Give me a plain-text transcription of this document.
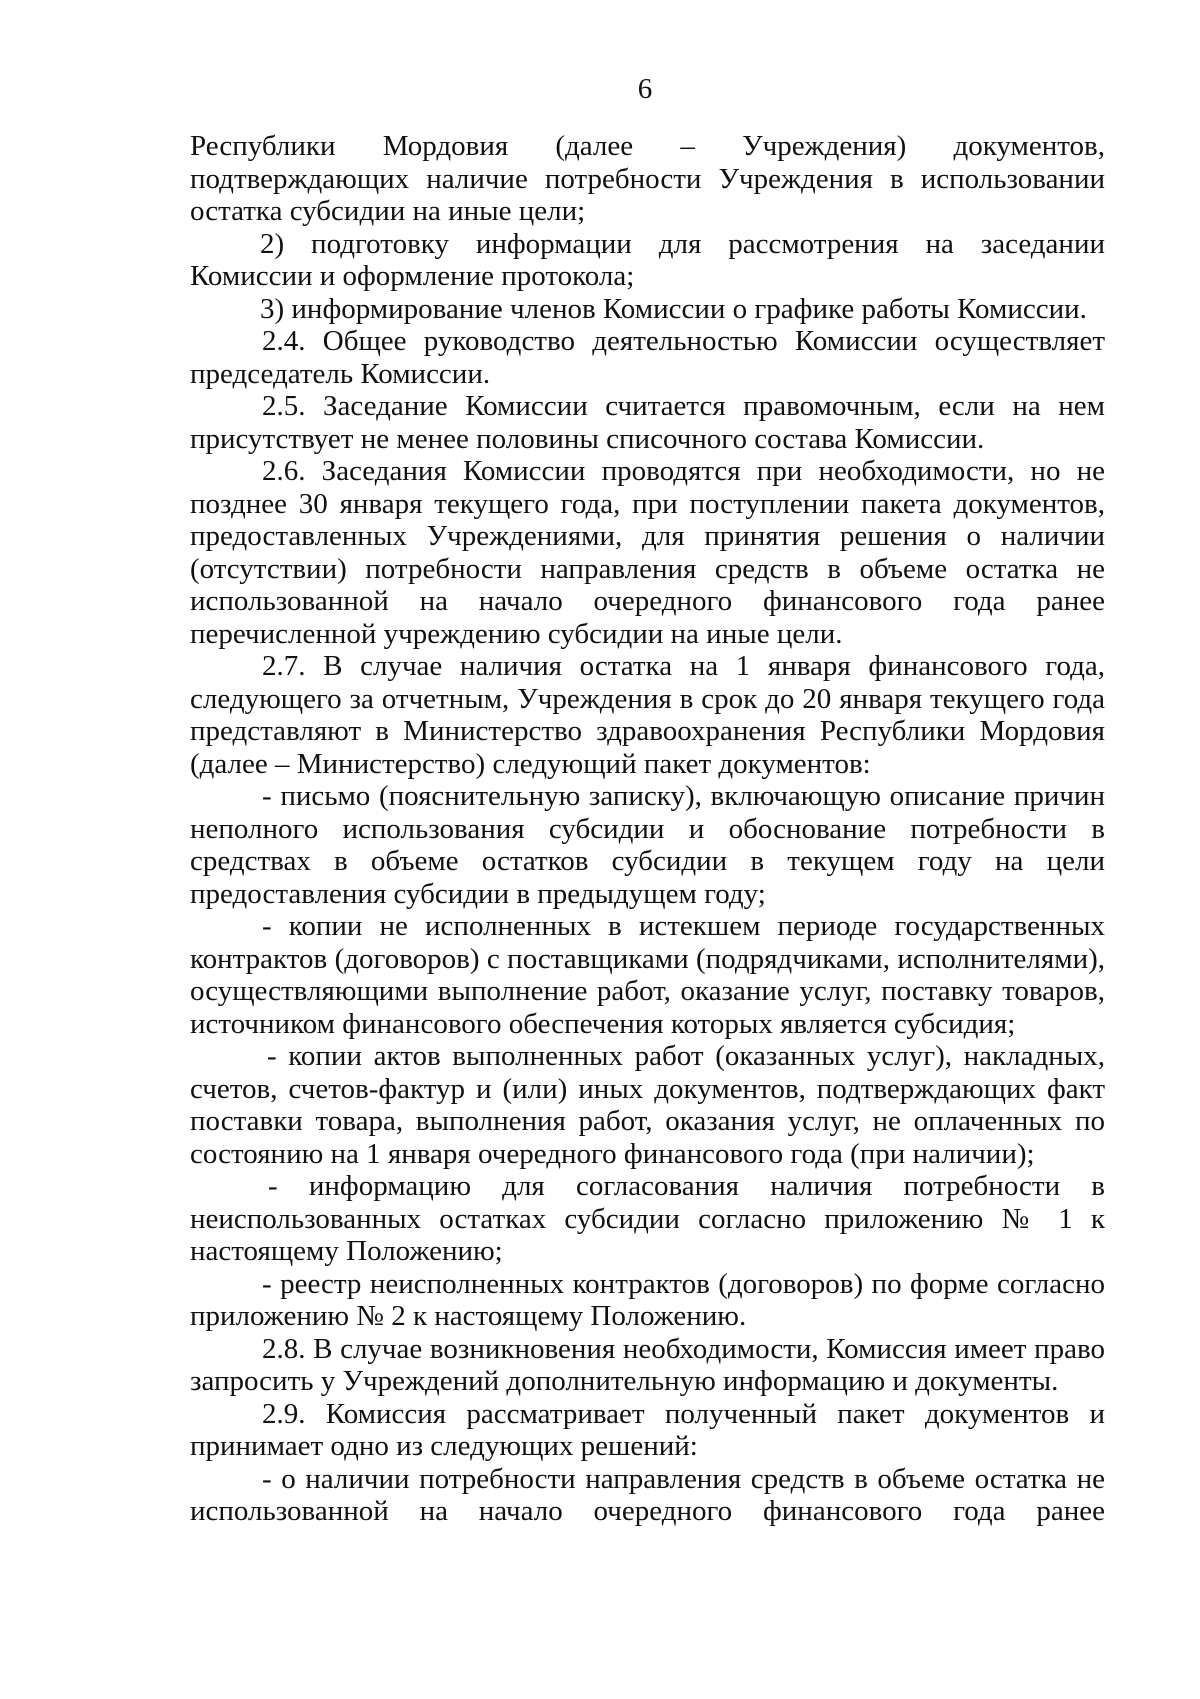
6

Республики Мордовия (далее – Учреждения) документов, подтверждающих наличие потребности Учреждения в использовании остатка субсидии на иные цели;

2) подготовку информации для рассмотрения на заседании Комиссии и оформление протокола;

3) информирование членов Комиссии о графике работы Комиссии.

2.4. Общее руководство деятельностью Комиссии осуществляет председатель Комиссии.

2.5. Заседание Комиссии считается правомочным, если на нем присутствует не менее половины списочного состава Комиссии.

2.6. Заседания Комиссии проводятся при необходимости, но не позднее 30 января текущего года, при поступлении пакета документов, предоставленных Учреждениями, для принятия решения о наличии (отсутствии) потребности направления средств в объеме остатка не использованной на начало очередного финансового года ранее перечисленной учреждению субсидии на иные цели.

2.7. В случае наличия остатка на 1 января финансового года, следующего за отчетным, Учреждения в срок до 20 января текущего года представляют в Министерство здравоохранения Республики Мордовия (далее – Министерство) следующий пакет документов:

- письмо (пояснительную записку), включающую описание причин неполного использования субсидии и обоснование потребности в средствах в объеме остатков субсидии в текущем году на цели предоставления субсидии в предыдущем году;

- копии не исполненных в истекшем периоде государственных контрактов (договоров) с поставщиками (подрядчиками, исполнителями), осуществляющими выполнение работ, оказание услуг, поставку товаров, источником финансового обеспечения которых является субсидия;

- копии актов выполненных работ (оказанных услуг), накладных, счетов, счетов-фактур и (или) иных документов, подтверждающих факт поставки товара, выполнения работ, оказания услуг, не оплаченных по состоянию на 1 января очередного финансового года (при наличии);

- информацию для согласования наличия потребности в неиспользованных остатках субсидии согласно приложению № 1 к настоящему Положению;

- реестр неисполненных контрактов (договоров) по форме согласно приложению № 2 к настоящему Положению.

2.8. В случае возникновения необходимости, Комиссия имеет право запросить у Учреждений дополнительную информацию и документы.

2.9. Комиссия рассматривает полученный пакет документов и принимает одно из следующих решений:

- о наличии потребности направления средств в объеме остатка не использованной на начало очередного финансового года ранее
